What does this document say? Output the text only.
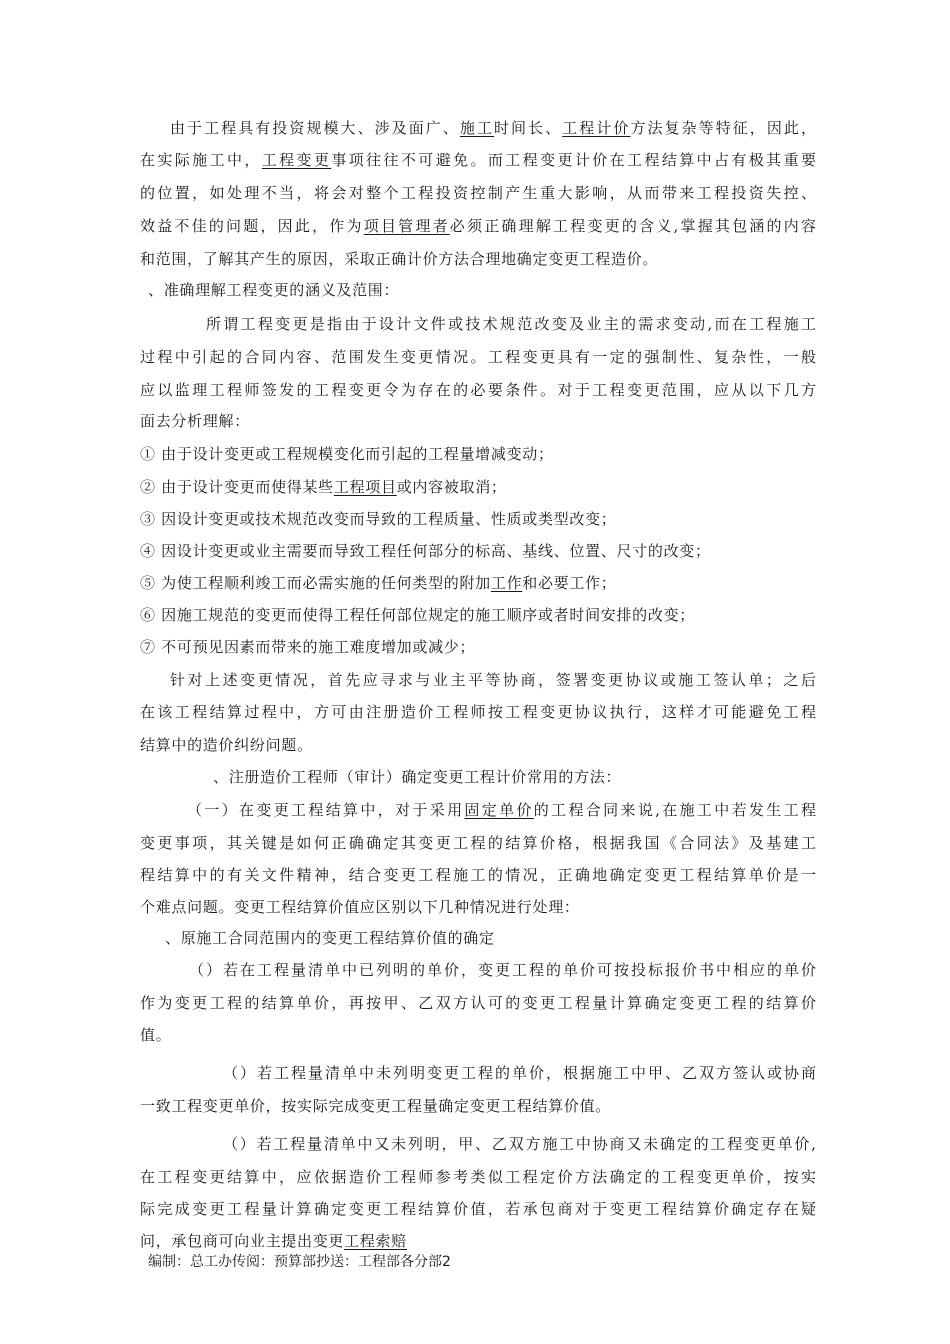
由于工程具有投资规模大、涉及面广、施工时间长、工程计价方法复杂等特征，因此，

在实际施工中，工程变更事项往往不可避免。而工程变更计价在工程结算中占有极其重要

的位置，如处理不当，将会对整个工程投资控制产生重大影响，从而带来工程投资失控、

效益不佳的问题，因此，作为项目管理者必须正确理解工程变更的含义,掌握其包涵的内容

和范围，了解其产生的原因，采取正确计价方法合理地确定变更工程造价。

、准确理解工程变更的涵义及范围：

所谓工程变更是指由于设计文件或技术规范改变及业主的需求变动,而在工程施工

过程中引起的合同内容、范围发生变更情况。工程变更具有一定的强制性、复杂性，一般

应以监理工程师签发的工程变更令为存在的必要条件。对于工程变更范围，应从以下几方

面去分析理解：

① 由于设计变更或工程规模变化而引起的工程量增减变动；

② 由于设计变更而使得某些工程项目或内容被取消；

③ 因设计变更或技术规范改变而导致的工程质量、性质或类型改变；

④ 因设计变更或业主需要而导致工程任何部分的标高、基线、位置、尺寸的改变；

⑤ 为使工程顺利竣工而必需实施的任何类型的附加工作和必要工作；

⑥ 因施工规范的变更而使得工程任何部位规定的施工顺序或者时间安排的改变；

⑦ 不可预见因素而带来的施工难度增加或减少；

针对上述变更情况，首先应寻求与业主平等协商，签署变更协议或施工签认单；之后

在该工程结算过程中，方可由注册造价工程师按工程变更协议执行，这样才可能避免工程

结算中的造价纠纷问题。

、注册造价工程师（审计）确定变更工程计价常用的方法：

（一）在变更工程结算中，对于采用固定单价的工程合同来说,在施工中若发生工程

变更事项，其关键是如何正确确定其变更工程的结算价格，根据我国《合同法》及基建工

程结算中的有关文件精神，结合变更工程施工的情况，正确地确定变更工程结算单价是一

个难点问题。变更工程结算价值应区别以下几种情况进行处理：

、原施工合同范围内的变更工程结算价值的确定

（）若在工程量清单中已列明的单价，变更工程的单价可按投标报价书中相应的单价

作为变更工程的结算单价，再按甲、乙双方认可的变更工程量计算确定变更工程的结算价

值。

（）若工程量清单中未列明变更工程的单价，根据施工中甲、乙双方签认或协商

一致工程变更单价，按实际完成变更工程量确定变更工程结算价值。

（）若工程量清单中又未列明，甲、乙双方施工中协商又未确定的工程变更单价,

在工程变更结算中，应依据造价工程师参考类似工程定价方法确定的工程变更单价，按实

际完成变更工程量计算确定变更工程结算价值，若承包商对于变更工程结算价确定存在疑

问，承包商可向业主提出变更工程索赔

编制：总工办传阅：预算部抄送：工程部各分部2
